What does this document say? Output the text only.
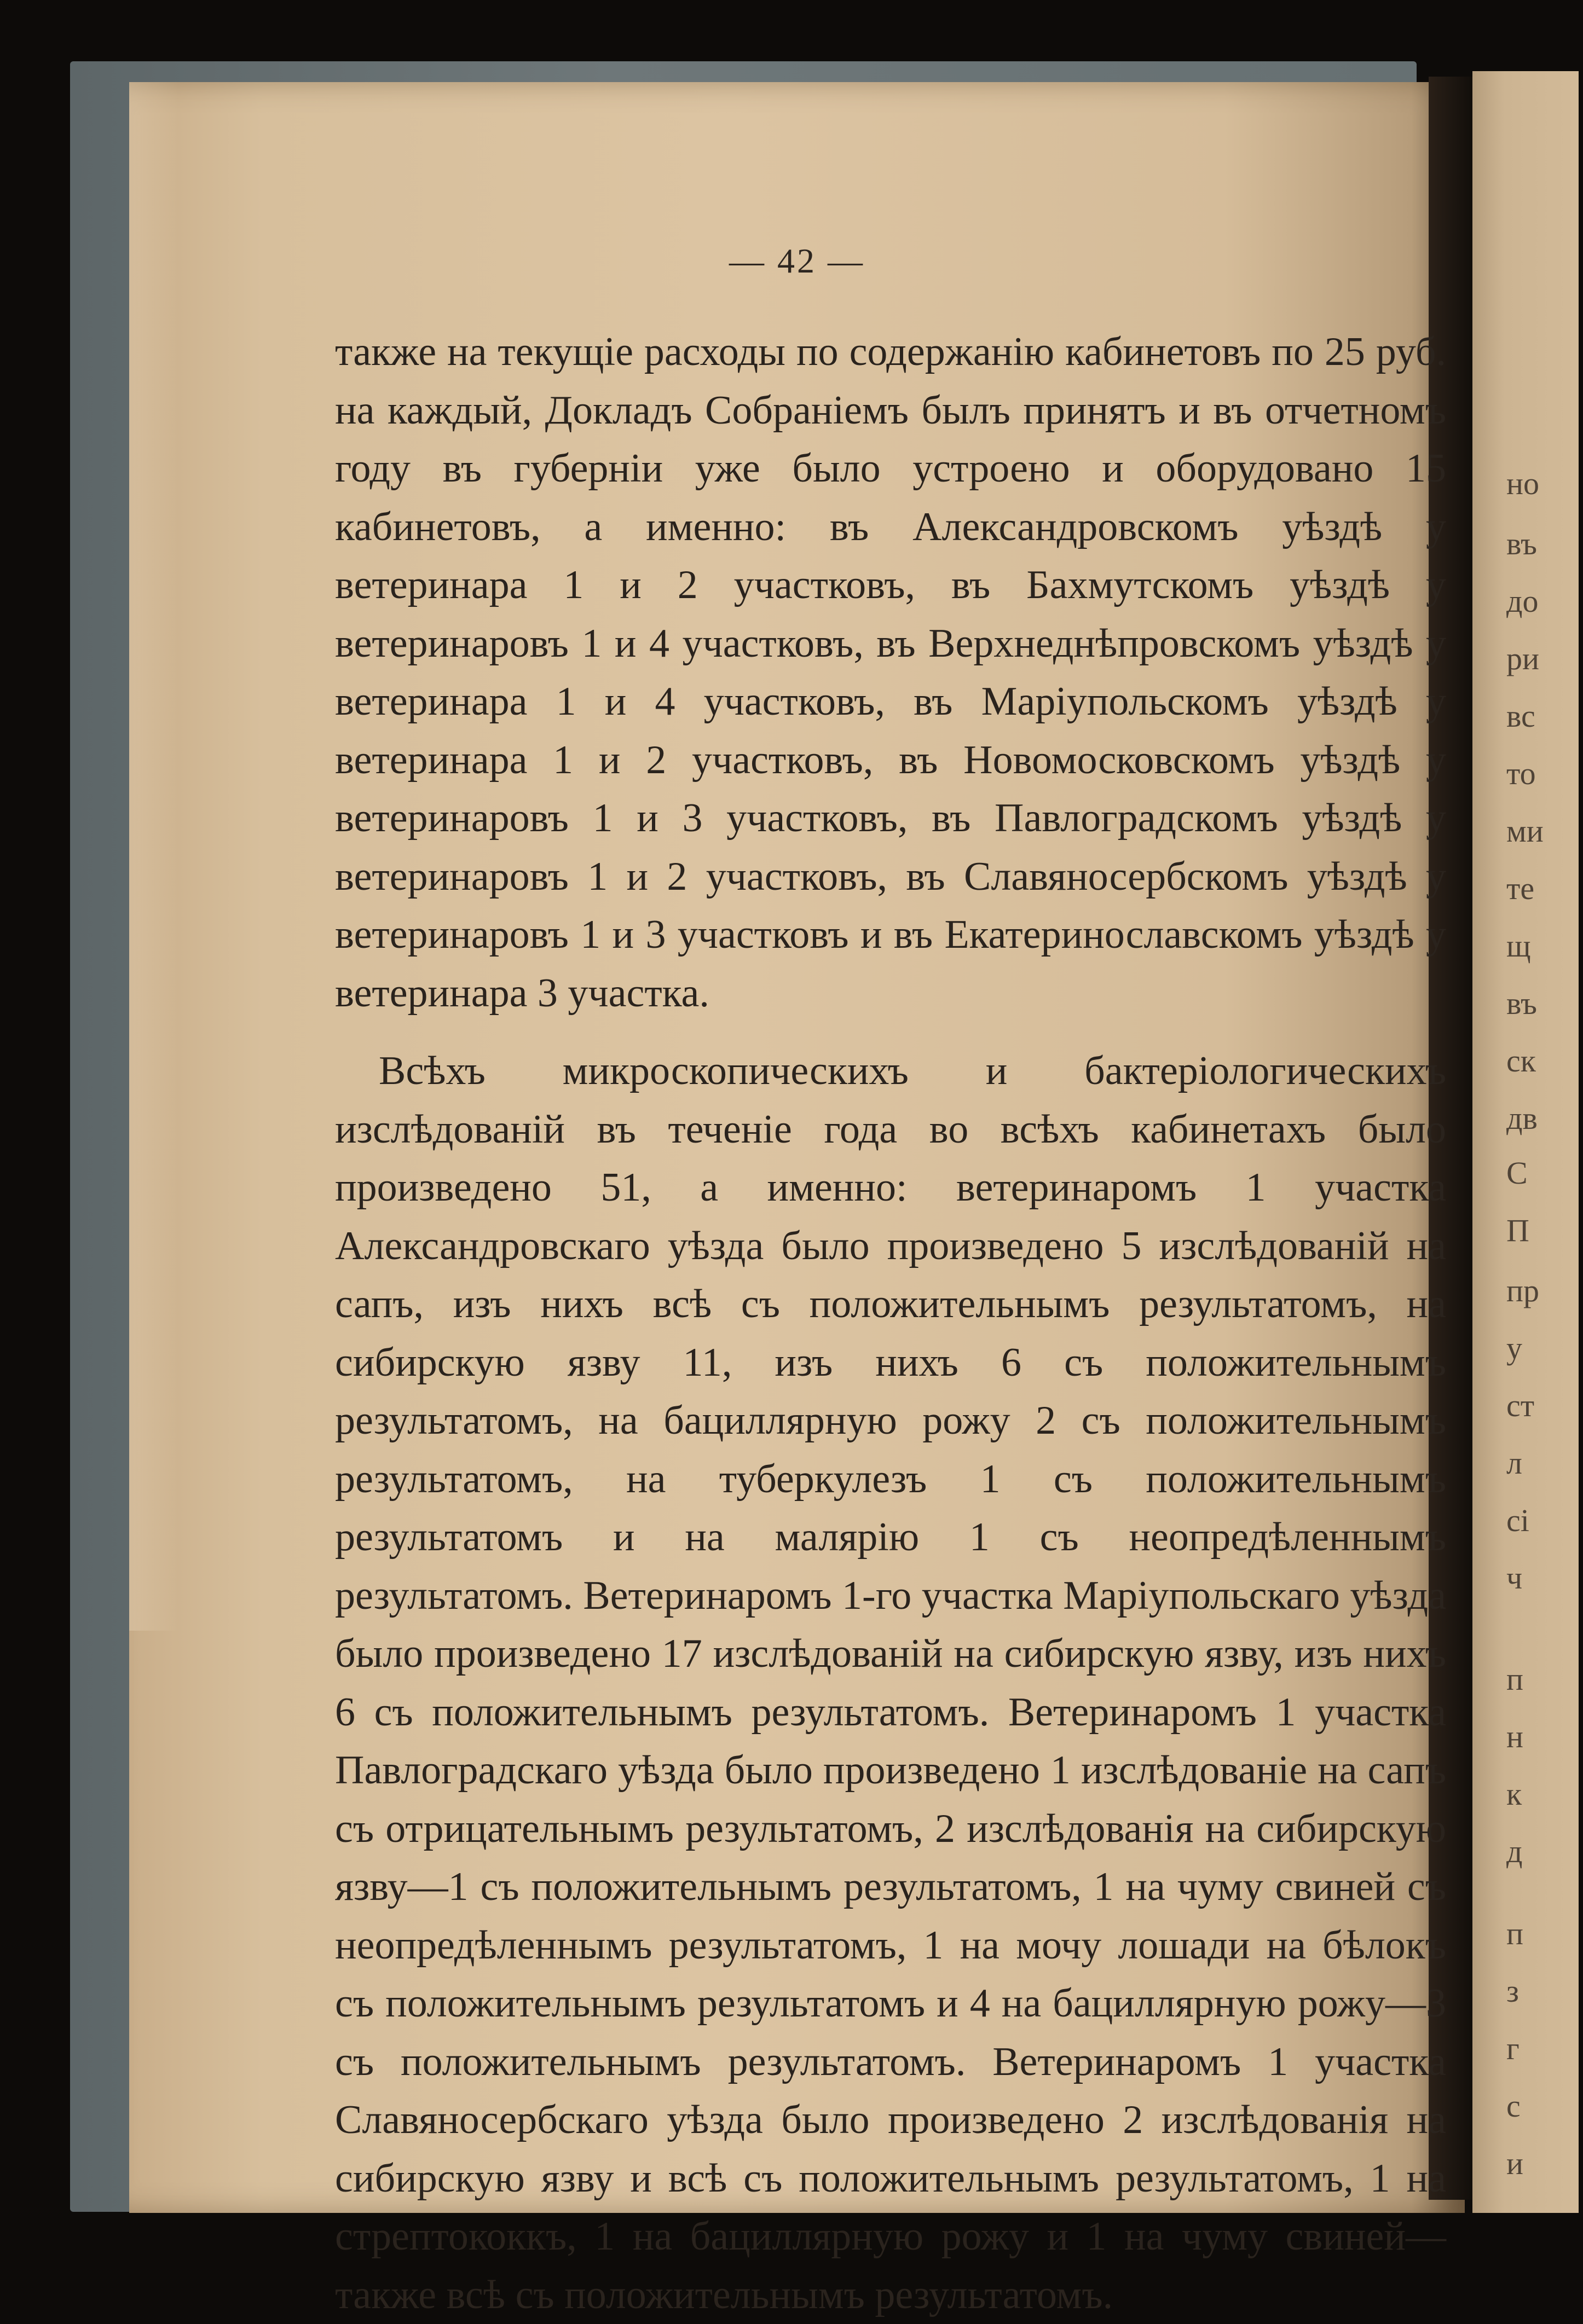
— 42 —

также на текущіе расходы по содержанію кабинетовъ по 25 руб. на каждый, Докладъ Собраніемъ былъ принятъ и въ отчетномъ году въ губерніи уже было устроено и оборудовано 15 кабинетовъ, а именно: въ Александровскомъ уѣздѣ у ветеринара 1 и 2 участковъ, въ Бахмутскомъ уѣздѣ у ветеринаровъ 1 и 4 участковъ, въ Верхнеднѣпровскомъ уѣздѣ у ветеринара 1 и 4 участковъ, въ Маріупольскомъ уѣздѣ у ветеринара 1 и 2 участковъ, въ Новомосковскомъ уѣздѣ у ветеринаровъ 1 и 3 участковъ, въ Павлоградскомъ уѣздѣ у ветеринаровъ 1 и 2 участковъ, въ Славяносербскомъ уѣздѣ у ветеринаровъ 1 и 3 участковъ и въ Екатеринославскомъ уѣздѣ у ветеринара 3 участка.

Всѣхъ микроскопическихъ и бактеріологическихъ изслѣдованій въ теченіе года во всѣхъ кабинетахъ было произведено 51, а именно: ветеринаромъ 1 участка Александровскаго уѣзда было произведено 5 изслѣдованій на сапъ, изъ нихъ всѣ съ положительнымъ результатомъ, на сибирскую язву 11, изъ нихъ 6 съ положительнымъ результатомъ, на бациллярную рожу 2 съ положительнымъ результатомъ, на туберкулезъ 1 съ положительнымъ результатомъ и на малярію 1 съ неопредѣленнымъ результатомъ. Ветеринаромъ 1-го участка Маріупольскаго уѣзда было произведено 17 изслѣдованій на сибирскую язву, изъ нихъ 6 съ положительнымъ результатомъ. Ветеринаромъ 1 участка Павлоградскаго уѣзда было произведено 1 изслѣдованіе на сапъ съ отрицательнымъ результатомъ, 2 изслѣдованія на сибирскую язву—1 съ положительнымъ результатомъ, 1 на чуму свиней съ неопредѣленнымъ результатомъ, 1 на мочу лошади на бѣлокъ съ положительнымъ результатомъ и 4 на бациллярную рожу—3 съ положительнымъ результатомъ. Ветеринаромъ 1 участка Славяносербскаго уѣзда было произведено 2 изслѣдованія на сибирскую язву и всѣ съ положительнымъ результатомъ, 1 на стрептококкъ, 1 на бациллярную рожу и 1 на чуму свиней—также всѣ съ положительнымъ результатомъ.

но
въ
до
ри
вс
то
ми
те
щ
въ
ск
дв
С
П
пр
у
ст
л
сі
ч
п
н
к
д
п
з
г
с
и
